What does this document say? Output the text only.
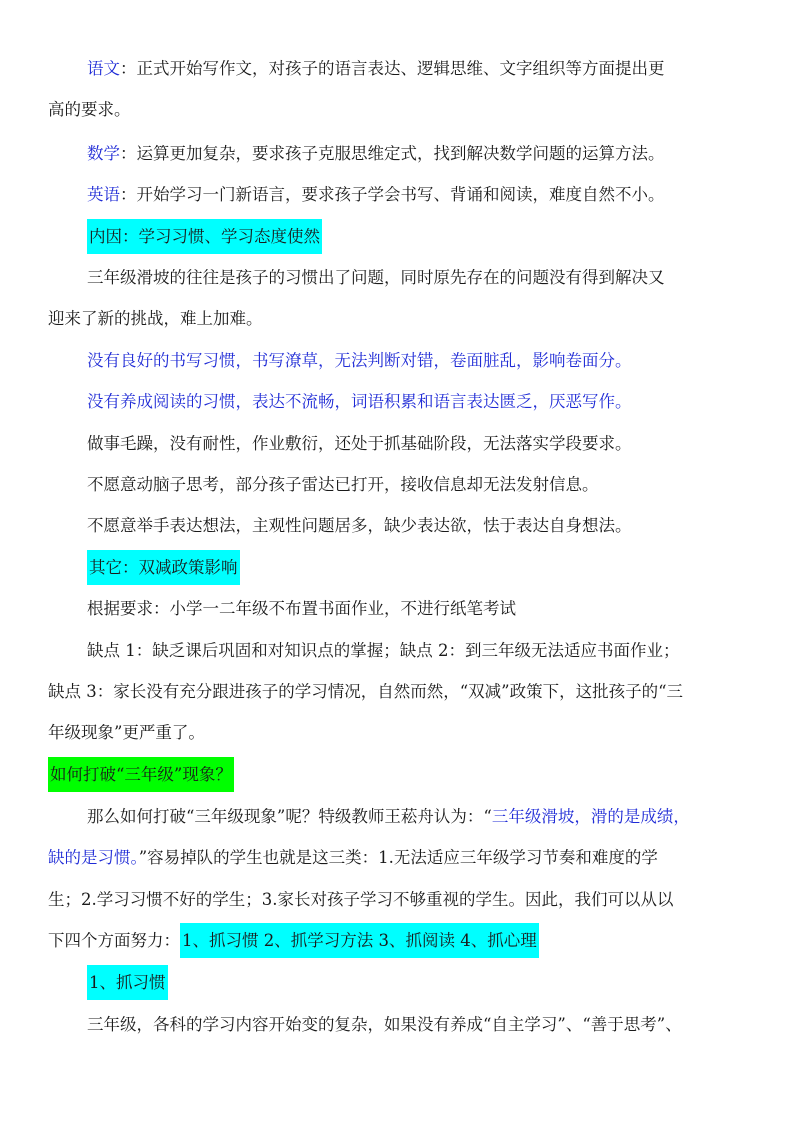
语文：正式开始写作文，对孩子的语言表达、逻辑思维、文字组织等方面提出更
高的要求。
数学：运算更加复杂，要求孩子克服思维定式，找到解决数学问题的运算方法。
英语：开始学习一门新语言，要求孩子学会书写、背诵和阅读，难度自然不小。
内因：学习习惯、学习态度使然
三年级滑坡的往往是孩子的习惯出了问题，同时原先存在的问题没有得到解决又
迎来了新的挑战，难上加难。
没有良好的书写习惯，书写潦草，无法判断对错，卷面脏乱，影响卷面分。
没有养成阅读的习惯，表达不流畅，词语积累和语言表达匮乏，厌恶写作。
做事毛躁，没有耐性，作业敷衍，还处于抓基础阶段，无法落实学段要求。
不愿意动脑子思考，部分孩子雷达已打开，接收信息却无法发射信息。
不愿意举手表达想法，主观性问题居多，缺少表达欲，怯于表达自身想法。
其它：双减政策影响
根据要求：小学一二年级不布置书面作业，不进行纸笔考试
缺点 1：缺乏课后巩固和对知识点的掌握；缺点 2：到三年级无法适应书面作业；
缺点 3：家长没有充分跟进孩子的学习情况，自然而然，“双减”政策下，这批孩子的“三
年级现象”更严重了。
如何打破“三年级”现象？
那么如何打破“三年级现象”呢？特级教师王菘舟认为：“三年级滑坡，滑的是成绩，
缺的是习惯。”容易掉队的学生也就是这三类：1.无法适应三年级学习节奏和难度的学
生；2.学习习惯不好的学生；3.家长对孩子学习不够重视的学生。因此，我们可以从以
下四个方面努力： 1、抓习惯 2、抓学习方法 3、抓阅读 4、抓心理
1、抓习惯
三年级，各科的学习内容开始变的复杂，如果没有养成“自主学习”、“善于思考”、
